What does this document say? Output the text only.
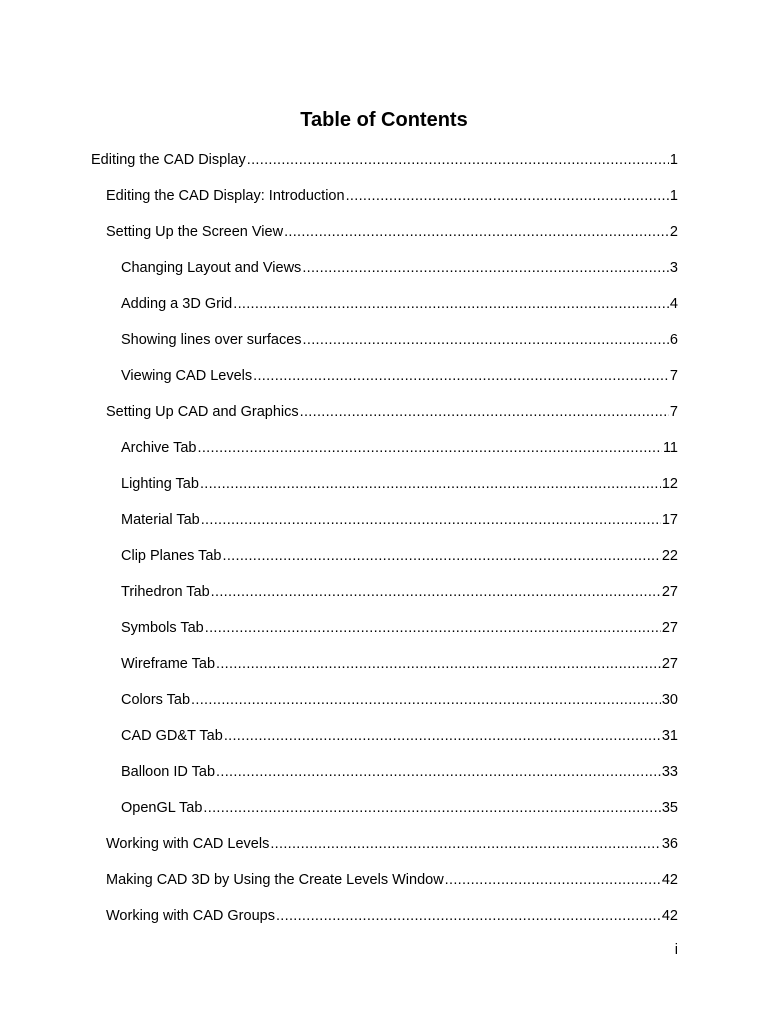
Table of Contents
Editing the CAD Display .....	1
Editing the CAD Display: Introduction .....	1
Setting Up the Screen View .....	2
Changing Layout and Views .....	3
Adding a 3D Grid .....	4
Showing lines over surfaces .....	6
Viewing CAD Levels .....	7
Setting Up CAD and Graphics .....	7
Archive Tab .....	11
Lighting Tab .....	12
Material Tab .....	17
Clip Planes Tab .....	22
Trihedron Tab .....	27
Symbols Tab .....	27
Wireframe Tab .....	27
Colors Tab .....	30
CAD GD&T Tab .....	31
Balloon ID Tab .....	33
OpenGL Tab .....	35
Working with CAD Levels .....	36
Making CAD 3D by Using the Create Levels Window .....	42
Working with CAD Groups .....	42
i
